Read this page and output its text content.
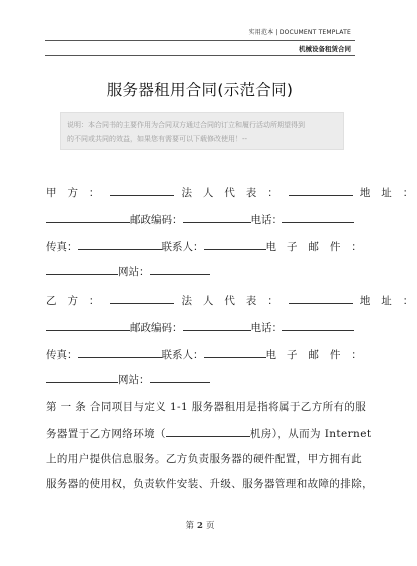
实用范本 | DOCUMENT TEMPLATE
机械设备租赁合同
服务器租用合同(示范合同)
说明：本合同书的主要作用为合同双方通过合同的订立和履行活动所期望得到
的不同或共同的效益，如果您有需要可以下载修改使用！--
甲 方 ：	法 人 代 表 ：	地 址 ：
邮政编码：	电话：
传真：	联系人：	电 子 邮 件 ：
网站：
乙 方 ：	法 人 代 表 ：	地 址 ：
邮政编码：	电话：
传真：	联系人：	电 子 邮 件 ：
网站：
第 一 条 合同项目与定义 1-1 服务器租用是指将属于乙方所有的服
务器置于乙方网络环境（	机房），从而为 Internet
上的用户提供信息服务。乙方负责服务器的硬件配置，甲方拥有此
服务器的使用权，负责软件安装、升级、服务器管理和故障的排除，
第 2 页
